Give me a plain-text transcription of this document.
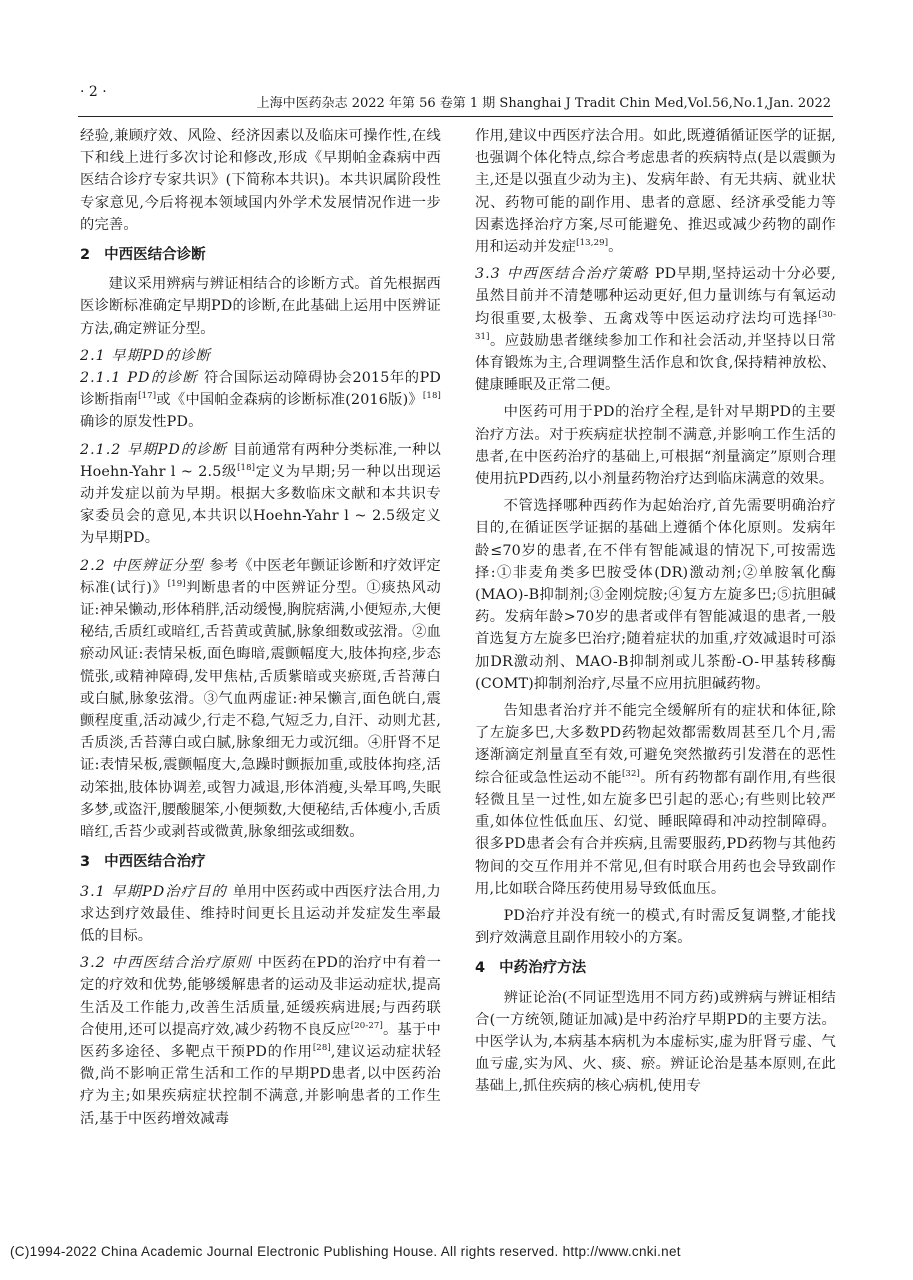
· 2 ·
上海中医药杂志 2022 年第 56 卷第 1 期 Shanghai J Tradit Chin Med,Vol.56,No.1,Jan. 2022

经验,兼顾疗效、风险、经济因素以及临床可操作性,在线下和线上进行多次讨论和修改,形成《早期帕金森病中西医结合诊疗专家共识》(下简称本共识)。本共识属阶段性专家意见,今后将视本领域国内外学术发展情况作进一步的完善。

2 中西医结合诊断

建议采用辨病与辨证相结合的诊断方式。首先根据西医诊断标准确定早期PD的诊断,在此基础上运用中医辨证方法,确定辨证分型。

2.1 早期PD的诊断

2.1.1 PD的诊断 符合国际运动障碍协会2015年的PD诊断指南[17]或《中国帕金森病的诊断标准(2016版)》[18]确诊的原发性PD。

2.1.2 早期PD的诊断 目前通常有两种分类标准,一种以Hoehn-Yahr l ~ 2.5级[18]定义为早期;另一种以出现运动并发症以前为早期。根据大多数临床文献和本共识专家委员会的意见,本共识以Hoehn-Yahr l ~ 2.5级定义为早期PD。

2.2 中医辨证分型 参考《中医老年颤证诊断和疗效评定标准(试行)》[19]判断患者的中医辨证分型。①痰热风动证:神呆懒动,形体稍胖,活动缓慢,胸脘痞满,小便短赤,大便秘结,舌质红或暗红,舌苔黄或黄腻,脉象细数或弦滑。②血瘀动风证:表情呆板,面色晦暗,震颤幅度大,肢体拘痉,步态慌张,或精神障碍,发甲焦枯,舌质紫暗或夹瘀斑,舌苔薄白或白腻,脉象弦滑。③气血两虚证:神呆懒言,面色㿠白,震颤程度重,活动减少,行走不稳,气短乏力,自汗、动则尤甚,舌质淡,舌苔薄白或白腻,脉象细无力或沉细。④肝肾不足证:表情呆板,震颤幅度大,急躁时颤振加重,或肢体拘痉,活动笨拙,肢体协调差,或智力减退,形体消瘦,头晕耳鸣,失眠多梦,或盗汗,腰酸腿笨,小便频数,大便秘结,舌体瘦小,舌质暗红,舌苔少或剥苔或微黄,脉象细弦或细数。

3 中西医结合治疗

3.1 早期PD治疗目的 单用中医药或中西医疗法合用,力求达到疗效最佳、维持时间更长且运动并发症发生率最低的目标。

3.2 中西医结合治疗原则 中医药在PD的治疗中有着一定的疗效和优势,能够缓解患者的运动及非运动症状,提高生活及工作能力,改善生活质量,延缓疾病进展;与西药联合使用,还可以提高疗效,减少药物不良反应[20-27]。基于中医药多途径、多靶点干预PD的作用[28],建议运动症状轻微,尚不影响正常生活和工作的早期PD患者,以中医药治疗为主;如果疾病症状控制不满意,并影响患者的工作生活,基于中医药增效减毒

作用,建议中西医疗法合用。如此,既遵循循证医学的证据,也强调个体化特点,综合考虑患者的疾病特点(是以震颤为主,还是以强直少动为主)、发病年龄、有无共病、就业状况、药物可能的副作用、患者的意愿、经济承受能力等因素选择治疗方案,尽可能避免、推迟或减少药物的副作用和运动并发症[13,29]。

3.3 中西医结合治疗策略 PD早期,坚持运动十分必要,虽然目前并不清楚哪种运动更好,但力量训练与有氧运动均很重要,太极拳、五禽戏等中医运动疗法均可选择[30-31]。应鼓励患者继续参加工作和社会活动,并坚持以日常体育锻炼为主,合理调整生活作息和饮食,保持精神放松、健康睡眠及正常二便。

中医药可用于PD的治疗全程,是针对早期PD的主要治疗方法。对于疾病症状控制不满意,并影响工作生活的患者,在中医药治疗的基础上,可根据“剂量滴定”原则合理使用抗PD西药,以小剂量药物治疗达到临床满意的效果。

不管选择哪种西药作为起始治疗,首先需要明确治疗目的,在循证医学证据的基础上遵循个体化原则。发病年龄≤70岁的患者,在不伴有智能减退的情况下,可按需选择:①非麦角类多巴胺受体(DR)激动剂;②单胺氧化酶(MAO)-B抑制剂;③金刚烷胺;④复方左旋多巴;⑤抗胆碱药。发病年龄>70岁的患者或伴有智能减退的患者,一般首选复方左旋多巴治疗;随着症状的加重,疗效减退时可添加DR激动剂、MAO-B抑制剂或儿茶酚-O-甲基转移酶(COMT)抑制剂治疗,尽量不应用抗胆碱药物。

告知患者治疗并不能完全缓解所有的症状和体征,除了左旋多巴,大多数PD药物起效都需数周甚至几个月,需逐渐滴定剂量直至有效,可避免突然撤药引发潜在的恶性综合征或急性运动不能[32]。所有药物都有副作用,有些很轻微且呈一过性,如左旋多巴引起的恶心;有些则比较严重,如体位性低血压、幻觉、睡眠障碍和冲动控制障碍。很多PD患者会有合并疾病,且需要服药,PD药物与其他药物间的交互作用并不常见,但有时联合用药也会导致副作用,比如联合降压药使用易导致低血压。

PD治疗并没有统一的模式,有时需反复调整,才能找到疗效满意且副作用较小的方案。

4 中药治疗方法

辨证论治(不同证型选用不同方药)或辨病与辨证相结合(一方统领,随证加减)是中药治疗早期PD的主要方法。中医学认为,本病基本病机为本虚标实,虚为肝肾亏虚、气血亏虚,实为风、火、痰、瘀。辨证论治是基本原则,在此基础上,抓住疾病的核心病机,使用专

(C)1994-2022 China Academic Journal Electronic Publishing House. All rights reserved. http://www.cnki.net
